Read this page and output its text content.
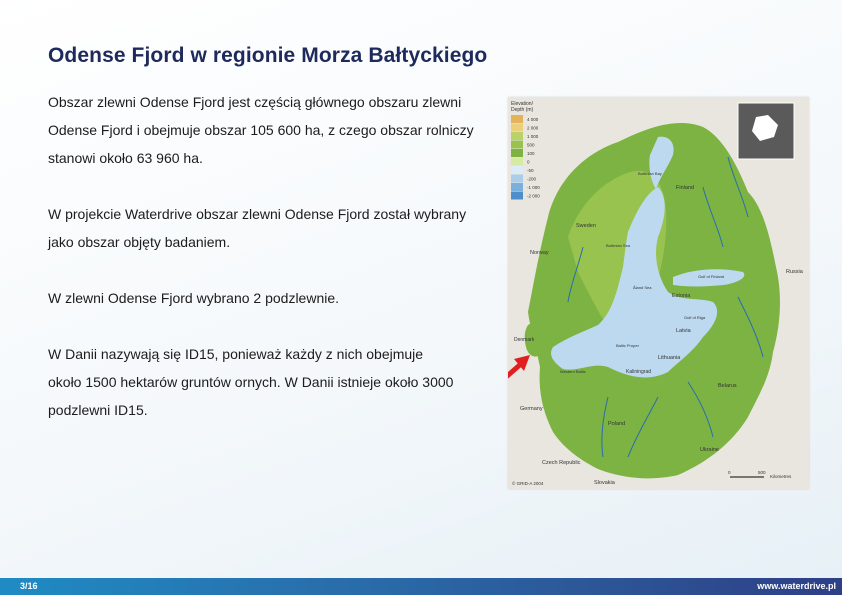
Odense Fjord w regionie Morza Bałtyckiego

Obszar zlewni Odense Fjord jest częścią głównego obszaru zlewni
Odense Fjord i obejmuje obszar 105 600 ha, z czego obszar rolniczy
stanowi około 63 960 ha.

W projekcie Waterdrive obszar zlewni Odense Fjord został wybrany
jako obszar objęty badaniem.

W zlewni Odense Fjord wybrano 2 podzlewnie.

W Danii nazywają się ID15, ponieważ każdy z nich obejmuje
około 1500 hektarów gruntów ornych. W Danii istnieje około 3000
podzlewni ID15.

Elevation/
Depth (m)
4 000
2 000
1 000
500
100
0
-50
-200
-1 000
-2 000
Finland
Sweden
Norway
Russia
Estonia
Latvia
Lithuania
Belarus
Denmark
Germany
Poland
Ukraine
Czech Republic
Slovakia
Kaliningrad
Bothnian Bay
Bothnian Sea
Gulf of Finland
Baltic Proper
Western Baltic
Gulf of Riga
Åland Sea
0	500
Kilometres
© GRID-A 2004
3/16	www.waterdrive.pl
